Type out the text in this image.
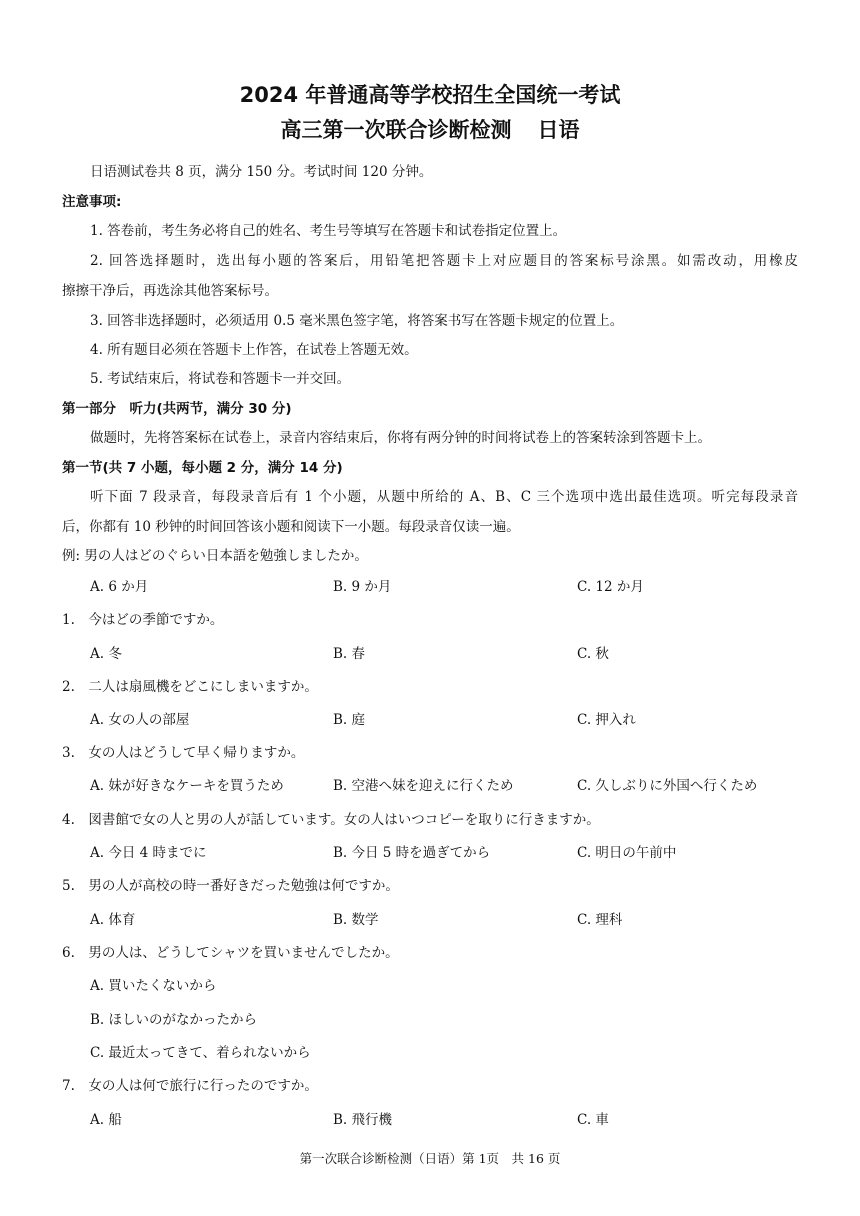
2024 年普通高等学校招生全国统一考试
高三第一次联合诊断检测 日语
日语测试卷共 8 页，满分 150 分。考试时间 120 分钟。
注意事项:
1. 答卷前，考生务必将自己的姓名、考生号等填写在答题卡和试卷指定位置上。
2. 回答选择题时，选出每小题的答案后，用铅笔把答题卡上对应题目的答案标号涂黑。如需改动，用橡皮
擦擦干净后，再选涂其他答案标号。
3. 回答非选择题时，必须适用 0.5 毫米黑色签字笔，将答案书写在答题卡规定的位置上。
4. 所有题目必须在答题卡上作答，在试卷上答题无效。
5. 考试结束后，将试卷和答题卡一并交回。
第一部分　听力(共两节，满分 30 分)
做题时，先将答案标在试卷上，录音内容结束后，你将有两分钟的时间将试卷上的答案转涂到答题卡上。
第一节(共 7 小题，每小题 2 分，满分 14 分)
听下面 7 段录音，每段录音后有 1 个小题，从题中所给的 A、B、C 三个选项中选出最佳选项。听完每段录音
后，你都有 10 秒钟的时间回答该小题和阅读下一小题。每段录音仅读一遍。
例: 男の人はどのぐらい日本語を勉強しましたか。
A. 6 か月	B. 9 か月	C. 12 か月
1.　今はどの季節ですか。
A. 冬	B. 春	C. 秋
2.　二人は扇風機をどこにしまいますか。
A. 女の人の部屋	B. 庭	C. 押入れ
3.　女の人はどうして早く帰りますか。
A. 妹が好きなケーキを買うため	B. 空港へ妹を迎えに行くため	C. 久しぶりに外国へ行くため
4.　図書館で女の人と男の人が話しています。女の人はいつコピーを取りに行きますか。
A. 今日 4 時までに	B. 今日 5 時を過ぎてから	C. 明日の午前中
5.　男の人が高校の時一番好きだった勉強は何ですか。
A. 体育	B. 数学	C. 理科
6.　男の人は、どうしてシャツを買いませんでしたか。
A. 買いたくないから
B. ほしいのがなかったから
C. 最近太ってきて、着られないから
7.　女の人は何で旅行に行ったのですか。
A. 船	B. 飛行機	C. 車
第一次联合诊断检测（日语）第 1页　共 16 页
